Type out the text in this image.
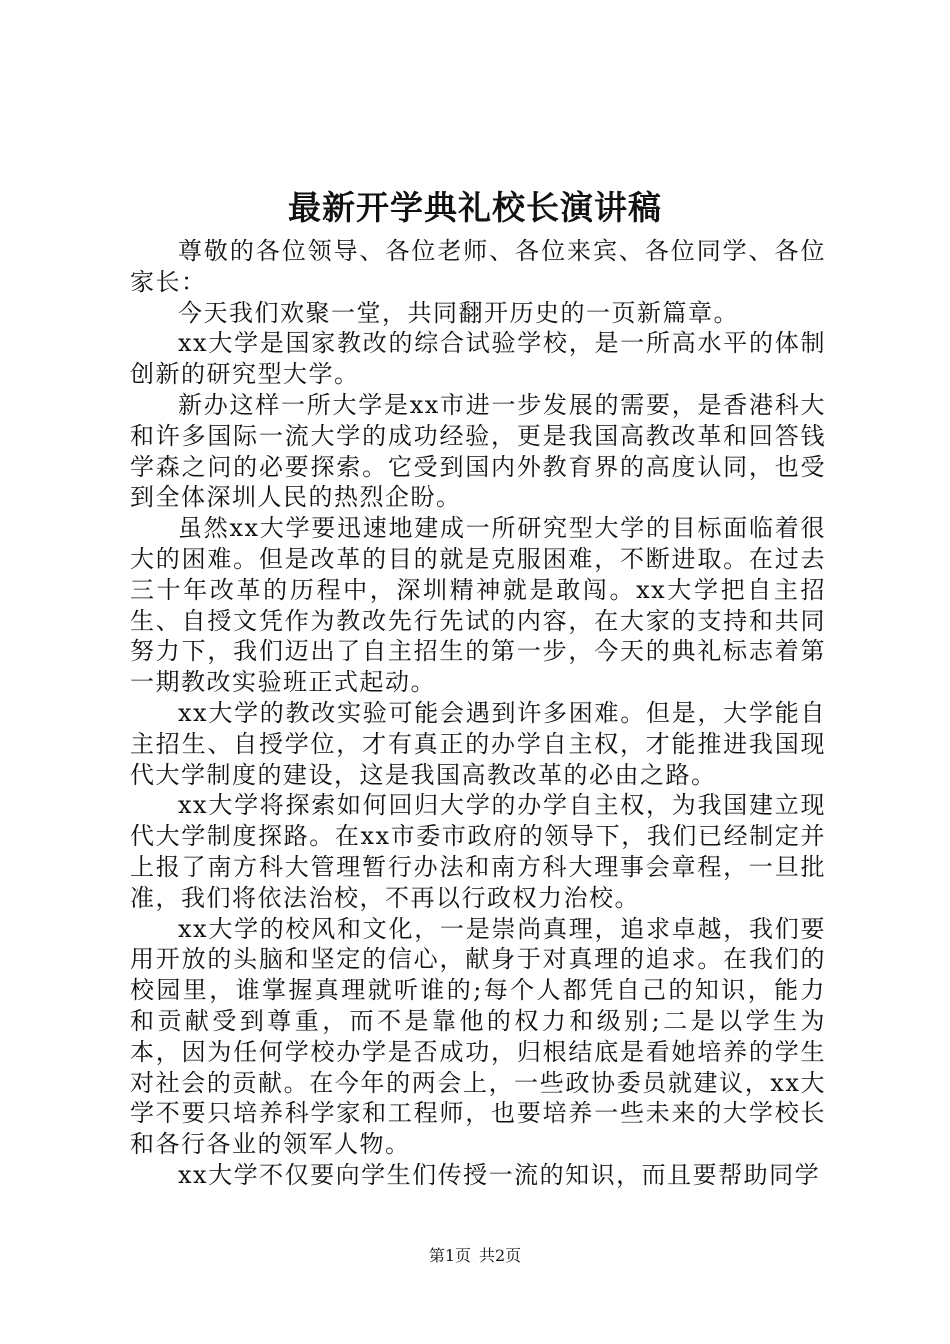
最新开学典礼校长演讲稿

尊敬的各位领导、各位老师、各位来宾、各位同学、各位家长：

今天我们欢聚一堂，共同翻开历史的一页新篇章。

xx大学是国家教改的综合试验学校，是一所高水平的体制创新的研究型大学。

新办这样一所大学是xx市进一步发展的需要，是香港科大和许多国际一流大学的成功经验，更是我国高教改革和回答钱学森之问的必要探索。它受到国内外教育界的高度认同，也受到全体深圳人民的热烈企盼。

虽然xx大学要迅速地建成一所研究型大学的目标面临着很大的困难。但是改革的目的就是克服困难，不断进取。在过去三十年改革的历程中，深圳精神就是敢闯。xx大学把自主招生、自授文凭作为教改先行先试的内容，在大家的支持和共同努力下，我们迈出了自主招生的第一步，今天的典礼标志着第一期教改实验班正式起动。

xx大学的教改实验可能会遇到许多困难。但是，大学能自主招生、自授学位，才有真正的办学自主权，才能推进我国现代大学制度的建设，这是我国高教改革的必由之路。

xx大学将探索如何回归大学的办学自主权，为我国建立现代大学制度探路。在xx市委市政府的领导下，我们已经制定并上报了南方科大管理暂行办法和南方科大理事会章程，一旦批准，我们将依法治校，不再以行政权力治校。

xx大学的校风和文化，一是崇尚真理，追求卓越，我们要用开放的头脑和坚定的信心，献身于对真理的追求。在我们的校园里，谁掌握真理就听谁的;每个人都凭自己的知识，能力和贡献受到尊重，而不是靠他的权力和级别;二是以学生为本，因为任何学校办学是否成功，归根结底是看她培养的学生对社会的贡献。在今年的两会上，一些政协委员就建议，xx大学不要只培养科学家和工程师，也要培养一些未来的大学校长和各行各业的领军人物。

xx大学不仅要向学生们传授一流的知识，而且要帮助同学

第1页 共2页
